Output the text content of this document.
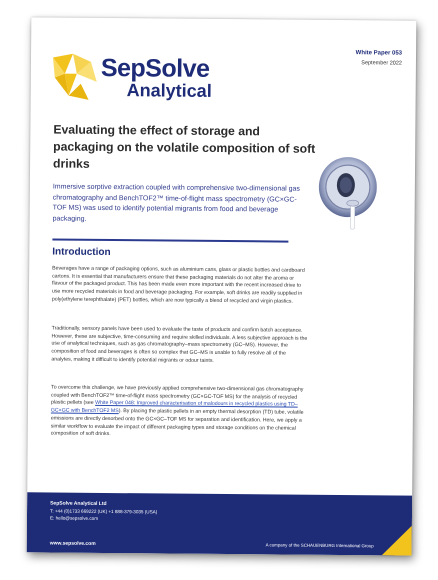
SepSolve
Analytical
White Paper 053
September 2022
Evaluating the effect of storage and packaging on the volatile composition of soft drinks
Immersive sorptive extraction coupled with comprehensive two-dimensional gas chromatography and BenchTOF2™ time-of-flight mass spectrometry (GC×GC-TOF MS) was used to identify potential migrants from food and beverage packaging.
Introduction

Beverages have a range of packaging options, such as aluminium cans, glass or plastic bottles and cardboard cartons. It is essential that manufacturers ensure that these packaging materials do not alter the aroma or flavour of the packaged product. This has been made even more important with the recent increased drive to use more recycled materials in food and beverage packaging. For example, soft drinks are readily supplied in poly(ethylene terephthalate) (PET) bottles, which are now typically a blend of recycled and virgin plastics.

Traditionally, sensory panels have been used to evaluate the taste of products and confirm batch acceptance. However, these are subjective, time-consuming and require skilled individuals. A less subjective approach is the use of analytical techniques, such as gas chromatography–mass spectrometry (GC–MS). However, the composition of food and beverages is often so complex that GC–MS is unable to fully resolve all of the analytes, making it difficult to identify potential migrants or odour taints.

To overcome this challenge, we have previously applied comprehensive two-dimensional gas chromatography coupled with BenchTOF2™ time-of-flight mass spectrometry (GC×GC-TOF MS) for the analysis of recycled plastic pellets (see White Paper 048: Improved characterisation of malodours in recycled plastics using TD–GC×GC with BenchTOF2 MS). By placing the plastic pellets in an empty thermal desorption (TD) tube, volatile emissions are directly desorbed onto the GC×GC–TOF MS for separation and identification. Here, we apply a similar workflow to evaluate the impact of different packaging types and storage conditions on the chemical composition of soft drinks.

SepSolve Analytical Ltd
T: +44 (0)1733 669222 (UK) +1 888-379-3035 (USA)
E: hello@sepsolve.com
www.sepsolve.com	A company of the SCHAUENBURG International Group
